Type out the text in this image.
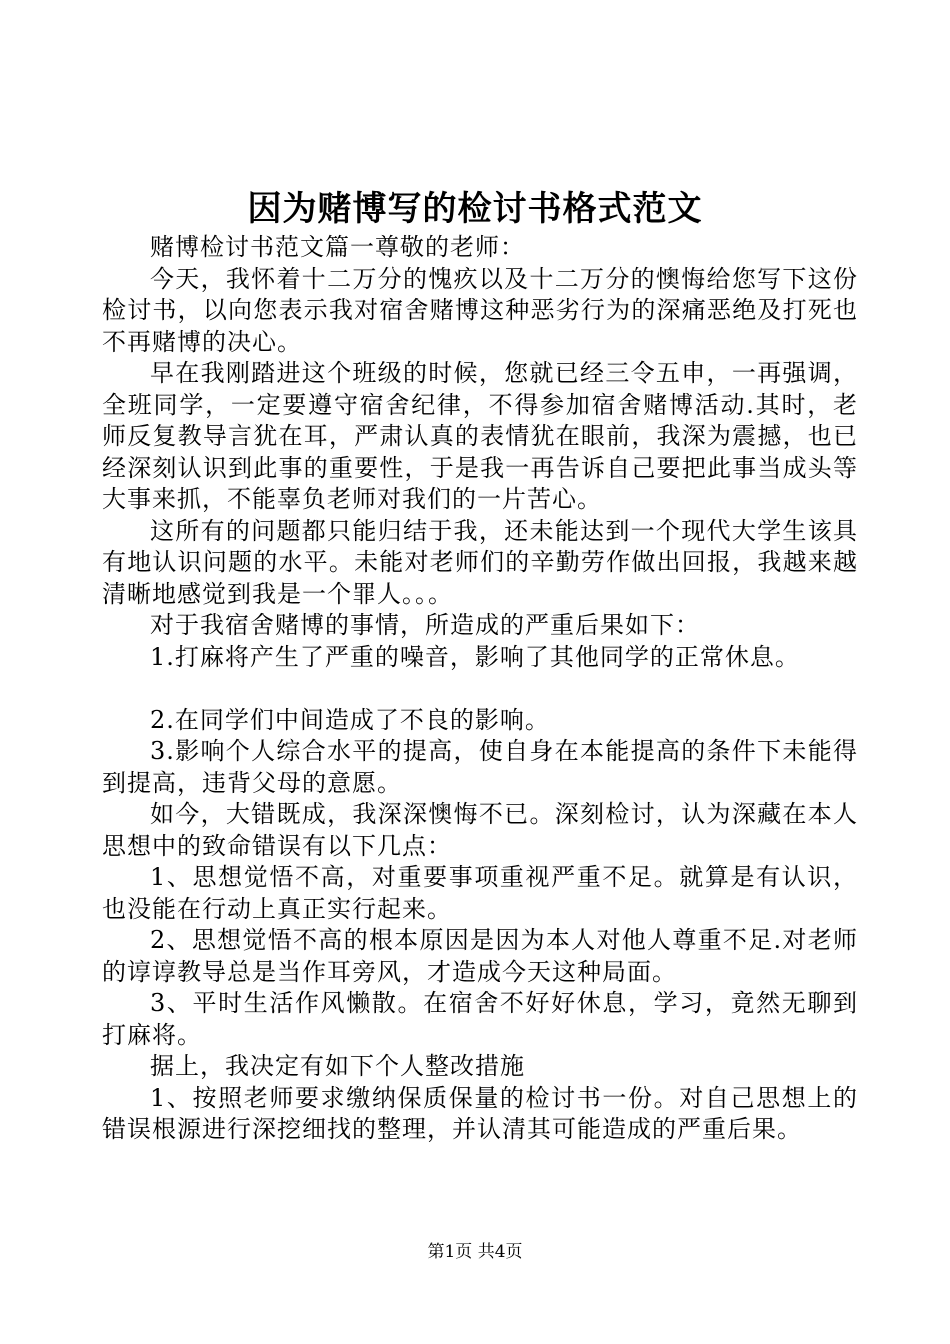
因为赌博写的检讨书格式范文

赌博检讨书范文篇一尊敬的老师：

今天，我怀着十二万分的愧疚以及十二万分的懊悔给您写下这份检讨书，以向您表示我对宿舍赌博这种恶劣行为的深痛恶绝及打死也不再赌博的决心。

早在我刚踏进这个班级的时候，您就已经三令五申，一再强调，全班同学，一定要遵守宿舍纪律，不得参加宿舍赌博活动.其时，老师反复教导言犹在耳，严肃认真的表情犹在眼前，我深为震撼，也已经深刻认识到此事的重要性，于是我一再告诉自己要把此事当成头等大事来抓，不能辜负老师对我们的一片苦心。

这所有的问题都只能归结于我，还未能达到一个现代大学生该具有地认识问题的水平。未能对老师们的辛勤劳作做出回报，我越来越清晰地感觉到我是一个罪人。。。

对于我宿舍赌博的事情，所造成的严重后果如下：

1.打麻将产生了严重的噪音，影响了其他同学的正常休息。

2.在同学们中间造成了不良的影响。

3.影响个人综合水平的提高，使自身在本能提高的条件下未能得到提高，违背父母的意愿。

如今，大错既成，我深深懊悔不已。深刻检讨，认为深藏在本人思想中的致命错误有以下几点：

1、思想觉悟不高，对重要事项重视严重不足。就算是有认识，也没能在行动上真正实行起来。

2、思想觉悟不高的根本原因是因为本人对他人尊重不足.对老师的谆谆教导总是当作耳旁风，才造成今天这种局面。

3、平时生活作风懒散。在宿舍不好好休息，学习，竟然无聊到打麻将。

据上，我决定有如下个人整改措施

1、按照老师要求缴纳保质保量的检讨书一份。对自己思想上的错误根源进行深挖细找的整理，并认清其可能造成的严重后果。

第1页 共4页
